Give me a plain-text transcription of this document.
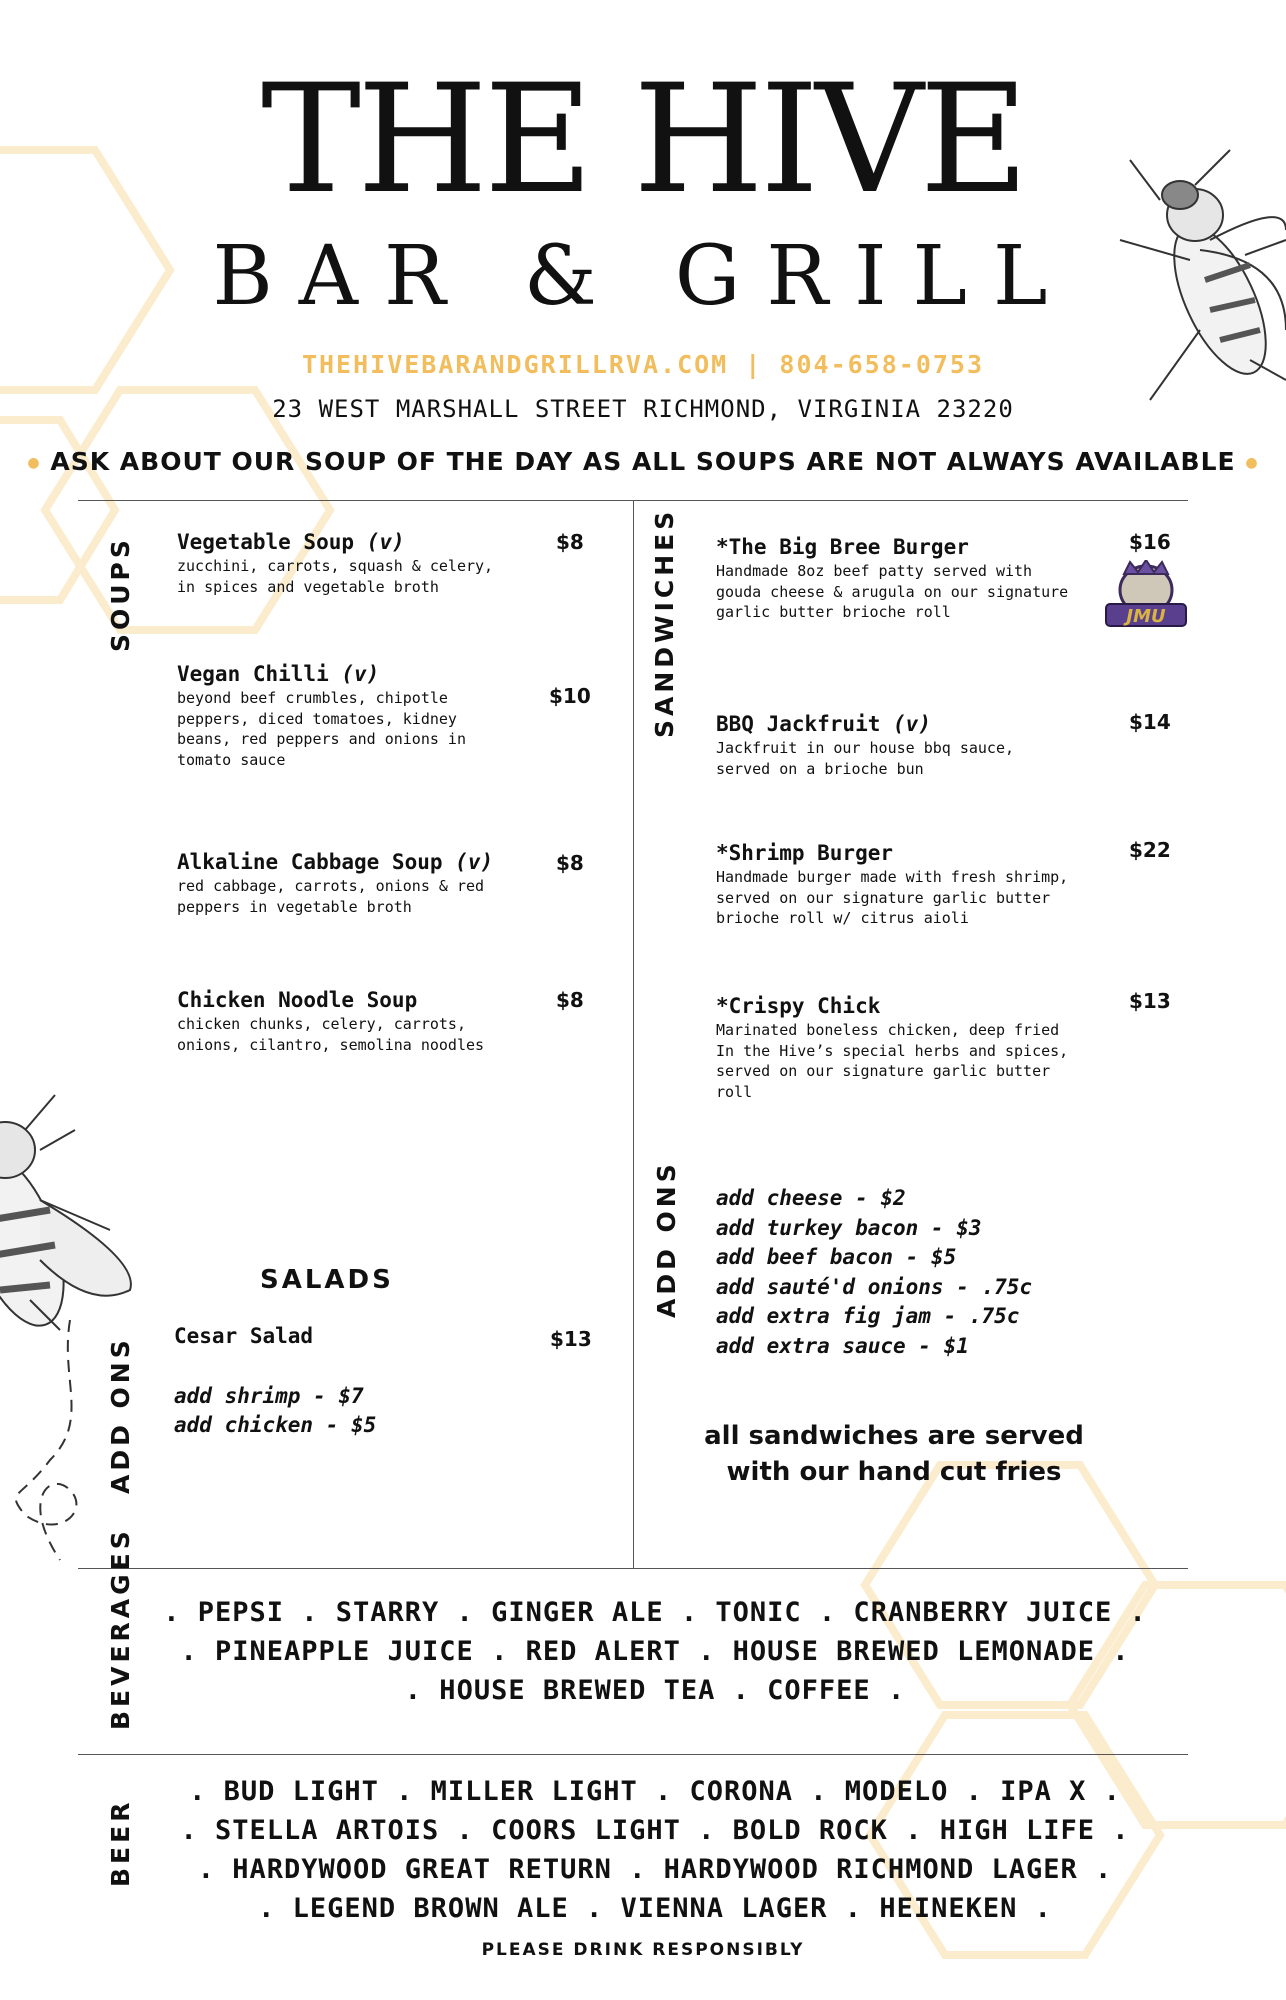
THE HIVE
BAR & GRILL
THEHIVEBARANDGRILLRVA.COM | 804-658-0753
23 WEST MARSHALL STREET RICHMOND, VIRGINIA 23220
● ASK ABOUT OUR SOUP OF THE DAY AS ALL SOUPS ARE NOT ALWAYS AVAILABLE ●
SOUPS Vegetable Soup (v)
zucchini, carrots, squash & celery, in spices and vegetable broth
$8
Vegan Chilli (v)
beyond beef crumbles, chipotle peppers, diced tomatoes, kidney beans, red peppers and onions in tomato sauce
$10
Alkaline Cabbage Soup (v)
red cabbage, carrots, onions & red peppers in vegetable broth
$8
Chicken Noodle Soup
chicken chunks, celery, carrots, onions, cilantro, semolina noodles
$8
SALADS
Cesar Salad	$13
ADD ONS add shrimp - $7
add chicken - $5
SANDWICHES *The Big Bree Burger
Handmade 8oz beef patty served with gouda cheese & arugula on our signature garlic butter brioche roll
$16
JMU
BBQ Jackfruit (v)
Jackfruit in our house bbq sauce, served on a brioche bun
$14
*Shrimp Burger
Handmade burger made with fresh shrimp, served on our signature garlic butter brioche roll w/ citrus aioli
$22
*Crispy Chick
Marinated boneless chicken, deep fried In the Hive’s special herbs and spices, served on our signature garlic butter roll
$13
ADD ONS add cheese - $2
add turkey bacon - $3
add beef bacon - $5
add sauté'd onions - .75c
add extra fig jam - .75c
add extra sauce - $1
all sandwiches are served
with our hand cut fries
BEVERAGES	. PEPSI . STARRY . GINGER ALE . TONIC . CRANBERRY JUICE .
. PINEAPPLE JUICE . RED ALERT . HOUSE BREWED LEMONADE .
. HOUSE BREWED TEA . COFFEE .
BEER
. BUD LIGHT . MILLER LIGHT . CORONA . MODELO . IPA X .
. STELLA ARTOIS . COORS LIGHT . BOLD ROCK . HIGH LIFE .
. HARDYWOOD GREAT RETURN . HARDYWOOD RICHMOND LAGER .
. LEGEND BROWN ALE . VIENNA LAGER . HEINEKEN .
PLEASE DRINK RESPONSIBLY
